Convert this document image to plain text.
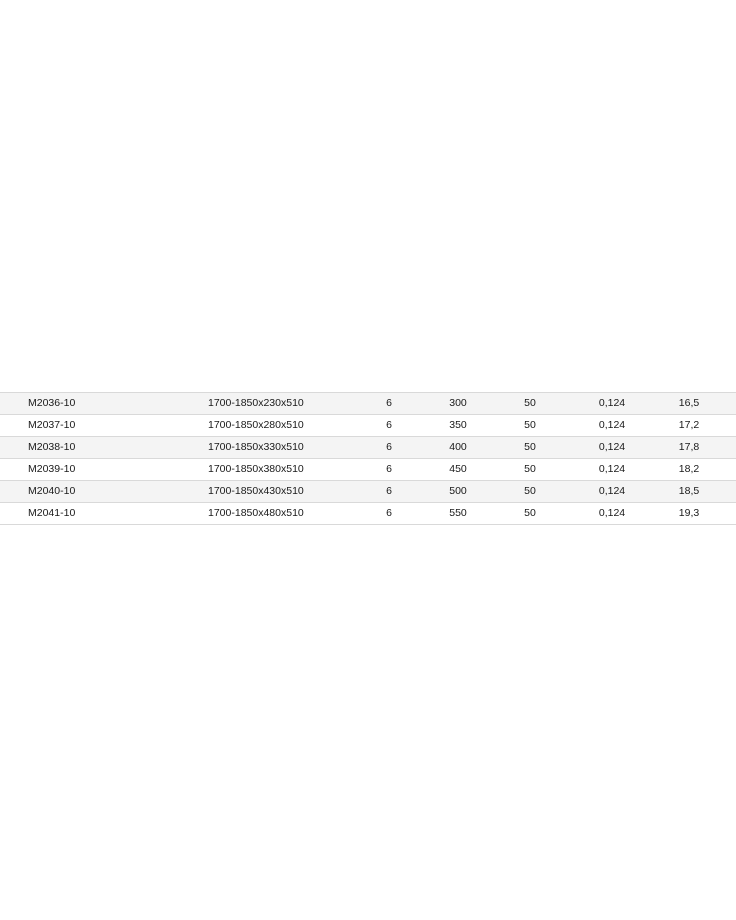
M2036-10	1700-1850x230x510	6	300	50	0,124	16,5	
M2037-10	1700-1850x280x510	6	350	50	0,124	17,2	
M2038-10	1700-1850x330x510	6	400	50	0,124	17,8	
M2039-10	1700-1850x380x510	6	450	50	0,124	18,2	
M2040-10	1700-1850x430x510	6	500	50	0,124	18,5	
M2041-10	1700-1850x480x510	6	550	50	0,124	19,3	
